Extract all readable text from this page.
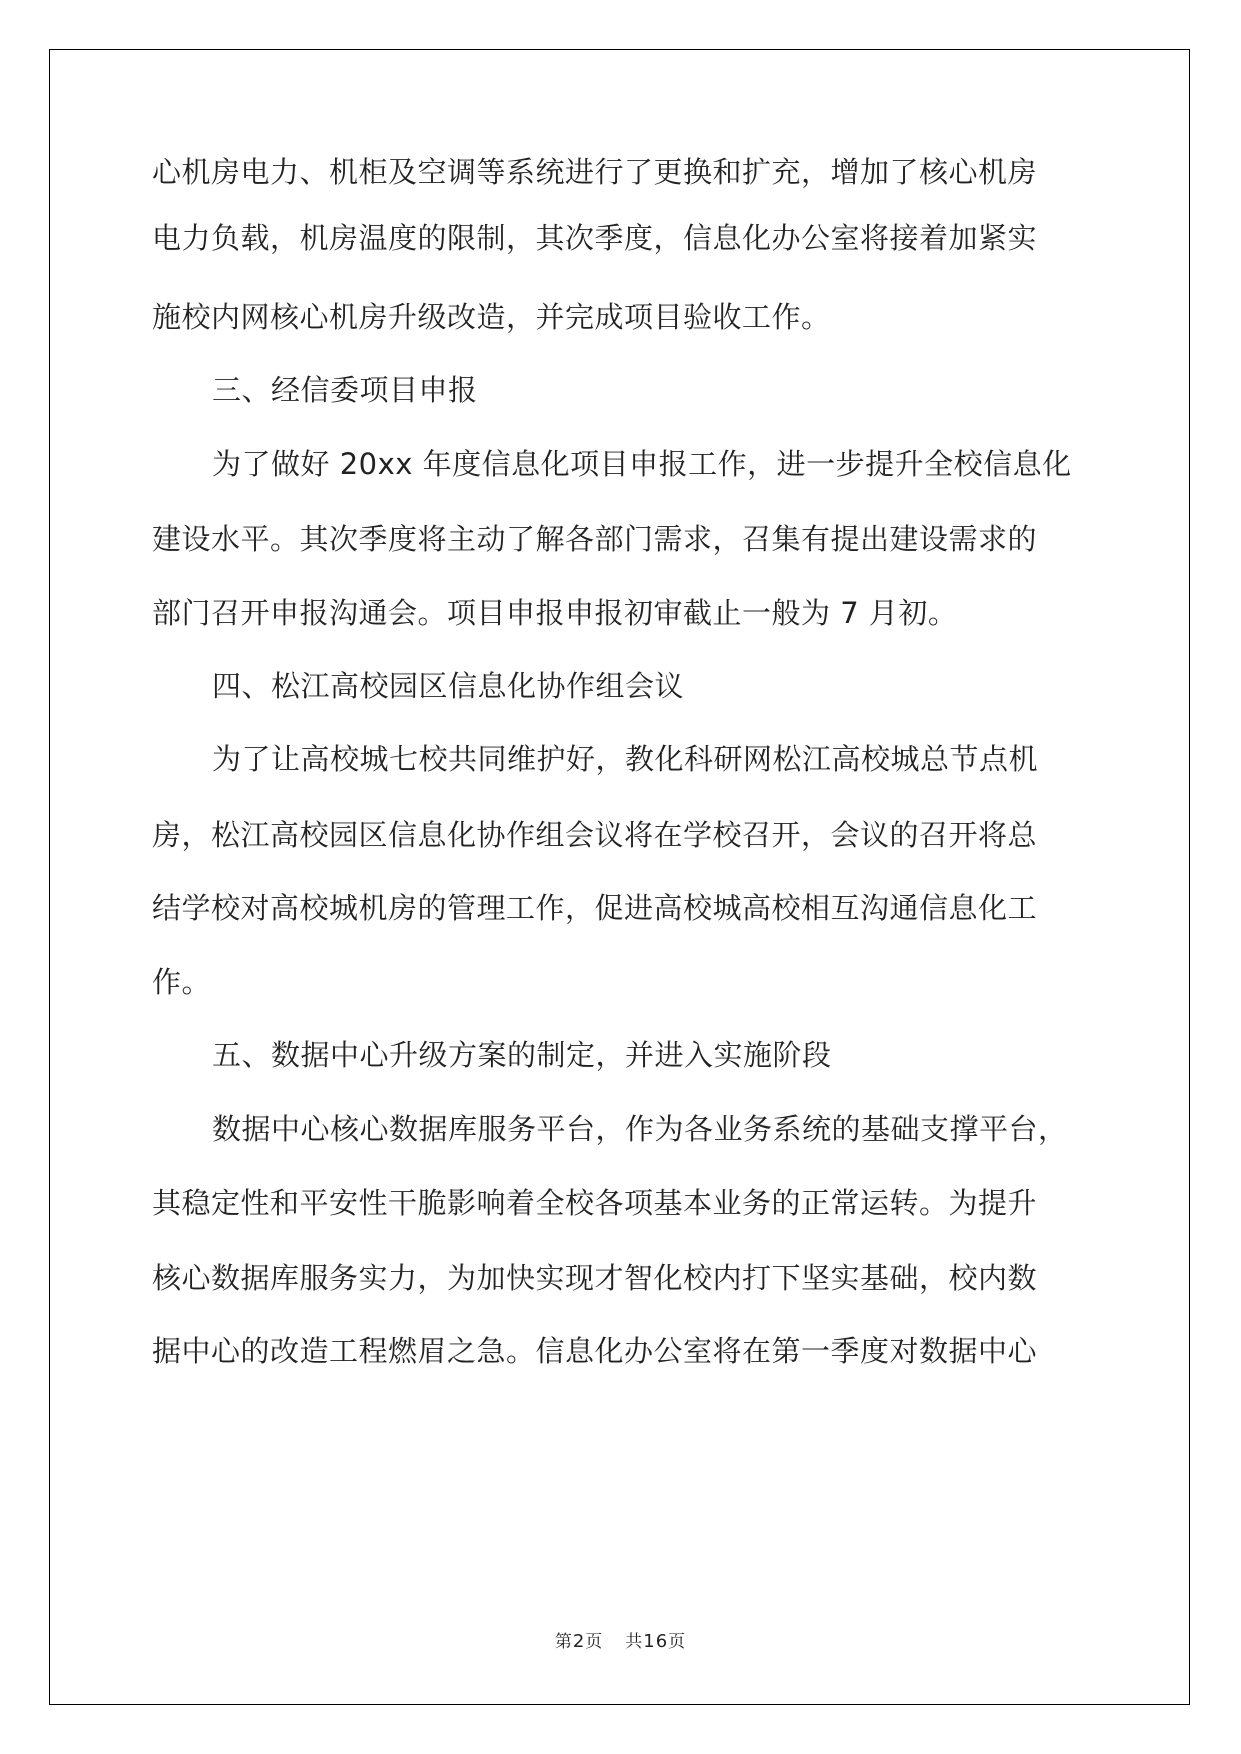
心机房电力、机柜及空调等系统进行了更换和扩充，增加了核心机房
电力负载，机房温度的限制，其次季度，信息化办公室将接着加紧实
施校内网核心机房升级改造，并完成项目验收工作。
三、经信委项目申报
为了做好 20xx 年度信息化项目申报工作，进一步提升全校信息化
建设水平。其次季度将主动了解各部门需求，召集有提出建设需求的
部门召开申报沟通会。项目申报申报初审截止一般为 7 月初。
四、松江高校园区信息化协作组会议
为了让高校城七校共同维护好，教化科研网松江高校城总节点机
房，松江高校园区信息化协作组会议将在学校召开，会议的召开将总
结学校对高校城机房的管理工作，促进高校城高校相互沟通信息化工
作。
五、数据中心升级方案的制定，并进入实施阶段
数据中心核心数据库服务平台，作为各业务系统的基础支撑平台，
其稳定性和平安性干脆影响着全校各项基本业务的正常运转。为提升
核心数据库服务实力，为加快实现才智化校内打下坚实基础，校内数
据中心的改造工程燃眉之急。信息化办公室将在第一季度对数据中心
第2页 共16页
